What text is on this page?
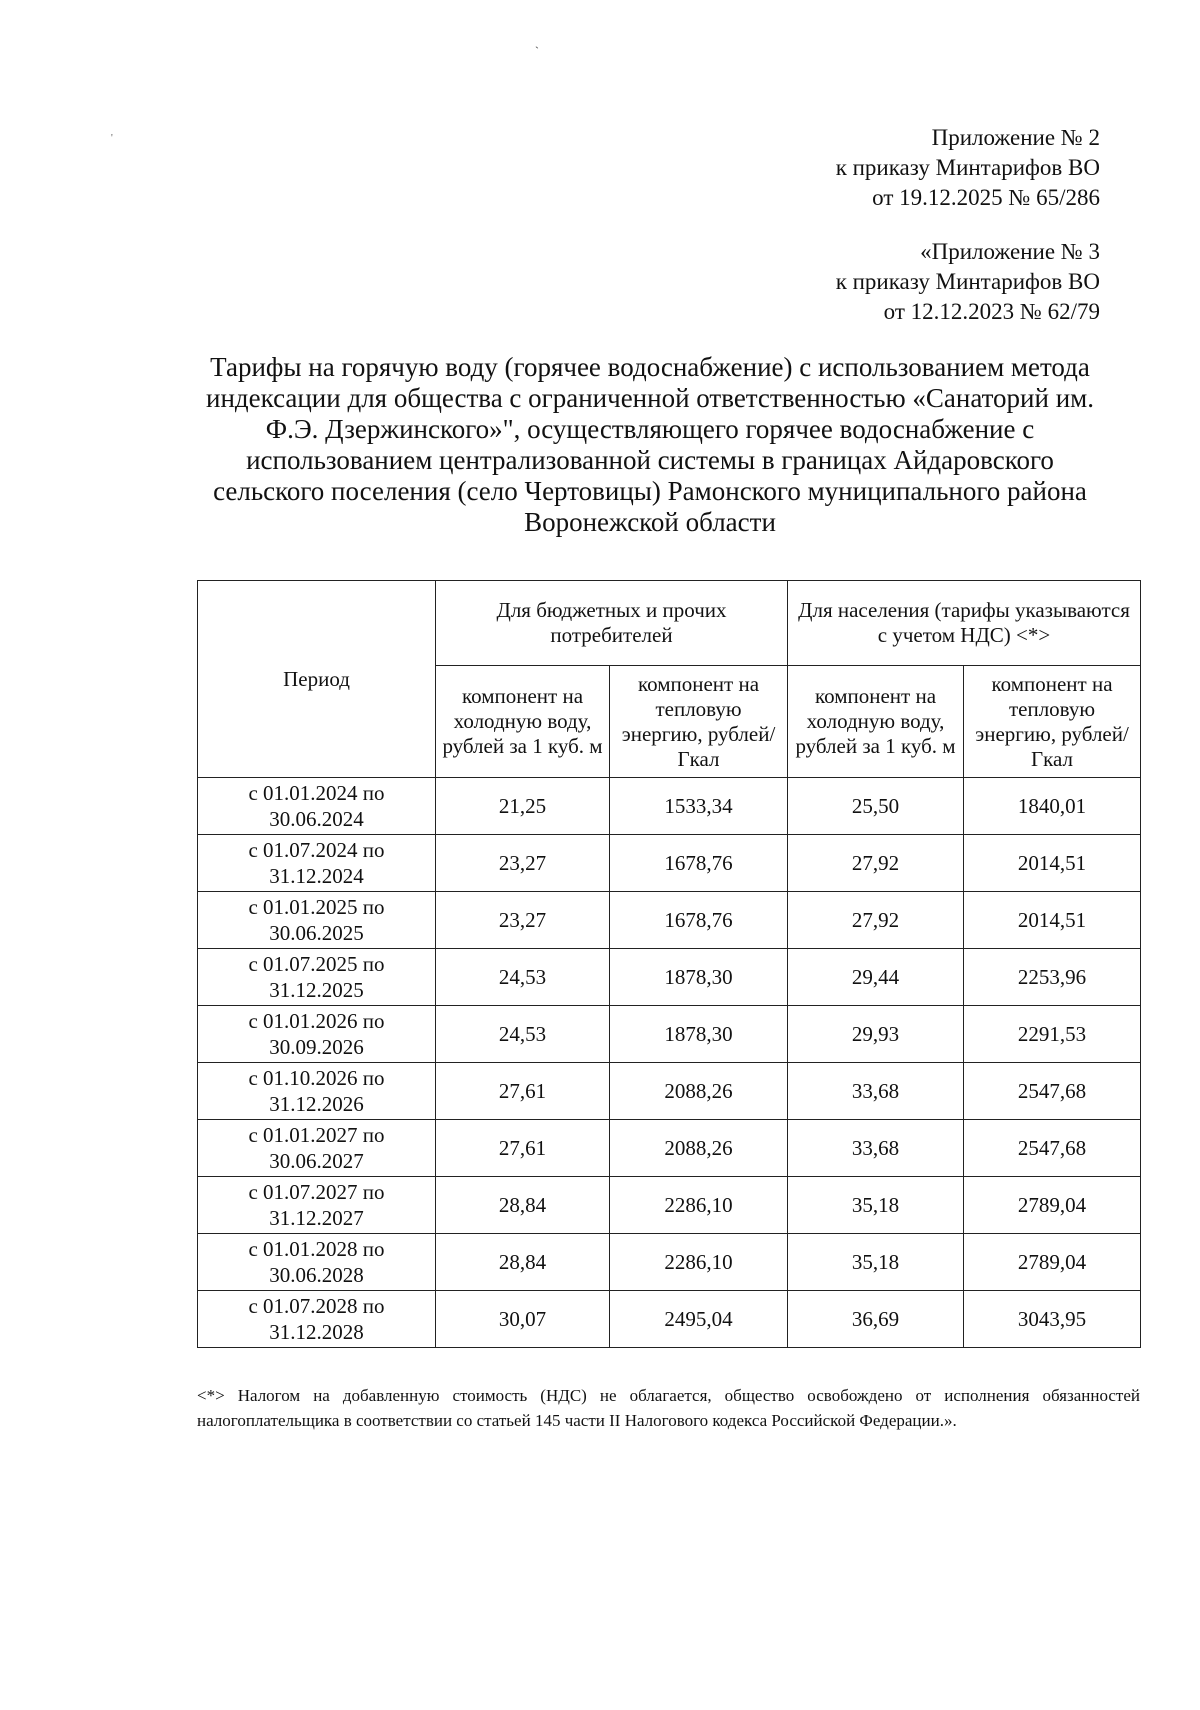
`
'	Приложение № 2
к приказу Минтарифов ВО
от 19.12.2025 № 65/286
«Приложение № 3
к приказу Минтарифов ВО
от 12.12.2023 № 62/79
Тарифы на горячую воду (горячее водоснабжение) с использованием метода
индексации для общества с ограниченной ответственностью «Санаторий им.
Ф.Э. Дзержинского»", осуществляющего горячее водоснабжение с
использованием централизованной системы в границах Айдаровского
сельского поселения (село Чертовицы) Рамонского муниципального района
Воронежской области
Период	Для бюджетных и прочих потребителей		Для населения (тарифы указываются с учетом НДС) <*>	
	компонент на холодную воду, рублей за 1 куб. м	компонент на тепловую энергию, рублей/Гкал	компонент на холодную воду, рублей за 1 куб. м	компонент на тепловую энергию, рублей/Гкал
с 01.01.2024 по 30.06.2024	21,25	1533,34	25,50	1840,01
с 01.07.2024 по 31.12.2024	23,27	1678,76	27,92	2014,51
с 01.01.2025 по 30.06.2025	23,27	1678,76	27,92	2014,51
с 01.07.2025 по 31.12.2025	24,53	1878,30	29,44	2253,96
с 01.01.2026 по 30.09.2026	24,53	1878,30	29,93	2291,53
с 01.10.2026 по 31.12.2026	27,61	2088,26	33,68	2547,68
с 01.01.2027 по 30.06.2027	27,61	2088,26	33,68	2547,68
с 01.07.2027 по 31.12.2027	28,84	2286,10	35,18	2789,04
с 01.01.2028 по 30.06.2028	28,84	2286,10	35,18	2789,04
с 01.07.2028 по 31.12.2028	30,07	2495,04	36,69	3043,95
<*> Налогом на добавленную стоимость (НДС) не облагается, общество освобождено от исполнения обязанностей налогоплательщика в соответствии со статьей 145 части II Налогового кодекса Российской Федерации.».
